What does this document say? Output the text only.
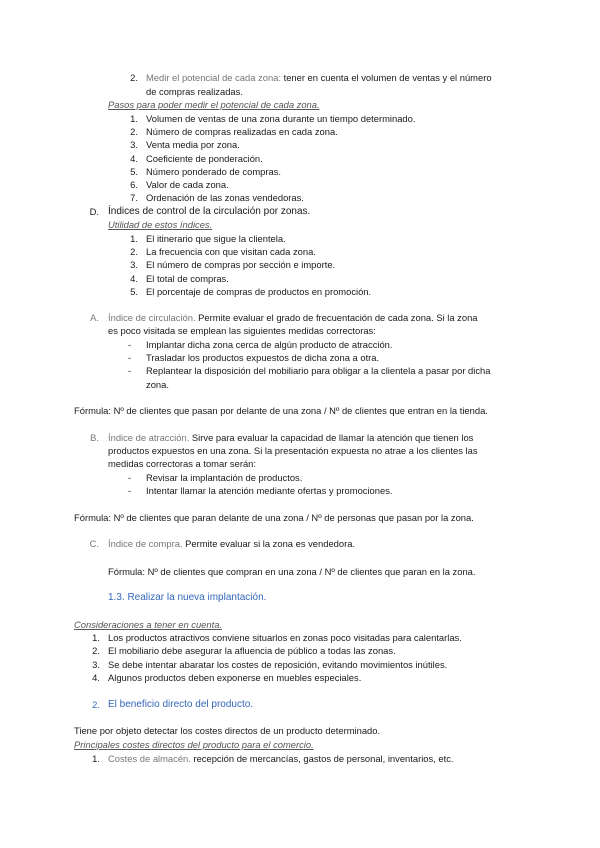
2. Medir el potencial de cada zona: tener en cuenta el volumen de ventas y el número
de compras realizadas.
Pasos para poder medir el potencial de cada zona.
1. Volumen de ventas de una zona durante un tiempo determinado.
2. Número de compras realizadas en cada zona.
3. Venta media por zona.
4. Coeficiente de ponderación.
5. Número ponderado de compras.
6. Valor de cada zona.
7. Ordenación de las zonas vendedoras.
D. Índices de control de la circulación por zonas.
Utilidad de estos índices.
1. El itinerario que sigue la clientela.
2. La frecuencia con que visitan cada zona.
3. El número de compras por sección e importe.
4. El total de compras.
5. El porcentaje de compras de productos en promoción.
A. Índice de circulación. Permite evaluar el grado de frecuentación de cada zona. Si la zona
es poco visitada se emplean las siguientes medidas correctoras:
- Implantar dicha zona cerca de algún producto de atracción.
- Trasladar los productos expuestos de dicha zona a otra.
- Replantear la disposición del mobiliario para obligar a la clientela a pasar por dicha
zona.
Fórmula: Nº de clientes que pasan por delante de una zona / Nº de clientes que entran en la tienda.
B. Índice de atracción. Sirve para evaluar la capacidad de llamar la atención que tienen los
productos expuestos en una zona. Si la presentación expuesta no atrae a los clientes las
medidas correctoras a tomar serán:
- Revisar la implantación de productos.
- Intentar llamar la atención mediante ofertas y promociones.
Fórmula: Nº de clientes que paran delante de una zona / Nº de personas que pasan por la zona.
C. Índice de compra. Permite evaluar si la zona es vendedora.
Fórmula: Nº de clientes que compran en una zona / Nº de clientes que paran en la zona.
1.3. Realizar la nueva implantación.
Consideraciones a tener en cuenta.
1. Los productos atractivos conviene situarlos en zonas poco visitadas para calentarlas.
2. El mobiliario debe asegurar la afluencia de público a todas las zonas.
3. Se debe intentar abaratar los costes de reposición, evitando movimientos inútiles.
4. Algunos productos deben exponerse en muebles especiales.
2. El beneficio directo del producto.
Tiene por objeto detectar los costes directos de un producto determinado.
Principales costes directos del producto para el comercio.
1. Costes de almacén. recepción de mercancías, gastos de personal, inventarios, etc.
